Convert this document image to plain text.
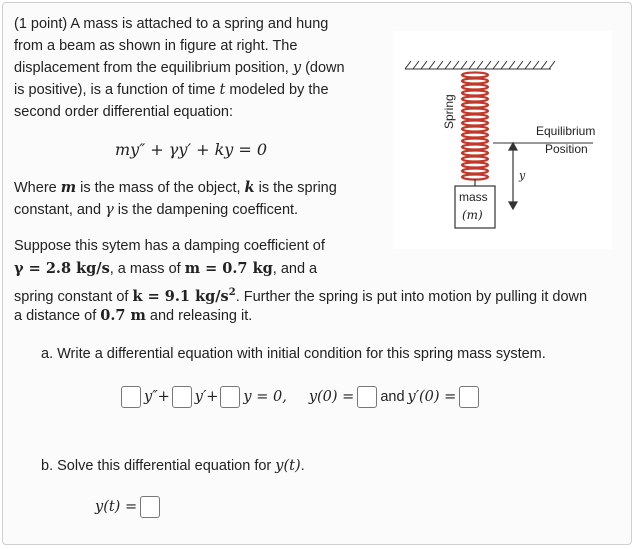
(1 point) A mass is attached to a spring and hung
from a beam as shown in figure at right. The
displacement from the equilibrium position, y (down
is positive), is a function of time t modeled by the
second order differential equation:
my″ + γy′ + ky = 0
Where m is the mass of the object, k is the spring
constant, and γ is the dampening coefficent.
Spring
Equilibrium
Position
y
mass
(m)
Suppose this sytem has a damping coefficient of
γ = 2.8 kg/s, a mass of m = 0.7 kg, and a
spring constant of k = 9.1 $kg/s^2$. Further the spring is put into motion by pulling it down
a distance of 0.7 m and releasing it.
a. Write a differential equation with initial condition for this spring mass system.
y″+ y′+ y = 0, y(0) = and y′(0) =
b. Solve this differential equation for y(t).
y(t) =
